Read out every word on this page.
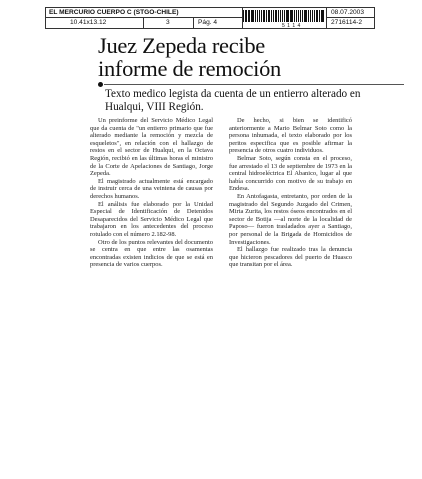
EL MERCURIO CUERPO C (STGO-CHILE)
10.41x13.12	3	Pág. 4
08.07.2003
2716114-2
5 1 1 4
Juez Zepeda recibe
informe de remoción
Texto medico legista da cuenta de un entierro alterado en Hualqui, VIII Región.

Un preinforme del Servicio Médico Legal que da cuenta de "un entierro primario que fue alterado mediante la remoción y mezcla de esqueletos", en relación con el hallazgo de restos en el sector de Hualqui, en la Octava Región, recibió en las últimas horas el ministro de la Corte de Apelaciones de Santiago, Jorge Zepeda.

El magistrado actualmente está encargado de instruir cerca de una veintena de causas por derechos humanos.

El análisis fue elaborado por la Unidad Especial de Identificación de Detenidos Desaparecidos del Servicio Médico Legal que trabajaron en los antecedentes del proceso rotulado con el número 2.182-98.

Otro de los puntos relevantes del documento se centra en que entre las osamentas encontradas existen indicios de que se está en presencia de varios cuerpos.

De hecho, si bien se identificó anteriormente a Mario Belmar Soto como la persona inhumada, el texto elaborado por los peritos especifica que es posible afirmar la presencia de otros cuatro individuos.

Belmar Soto, según consta en el proceso, fue arrestado el 13 de septiembre de 1973 en la central hidroeléctrica El Abanico, lugar al que había concurrido con motivo de su trabajo en Endesa.

En Antofagasta, entretanto, por orden de la magistrado del Segundo Juzgado del Crimen, Mirta Zurita, los restos óseos encontrados en el sector de Botija —al norte de la localidad de Paposo— fueron trasladados ayer a Santiago, por personal de la Brigada de Homicidios de Investigaciones.

El hallazgo fue realizado tras la denuncia que hicieron pescadores del puerto de Huasco que transitan por el área.
